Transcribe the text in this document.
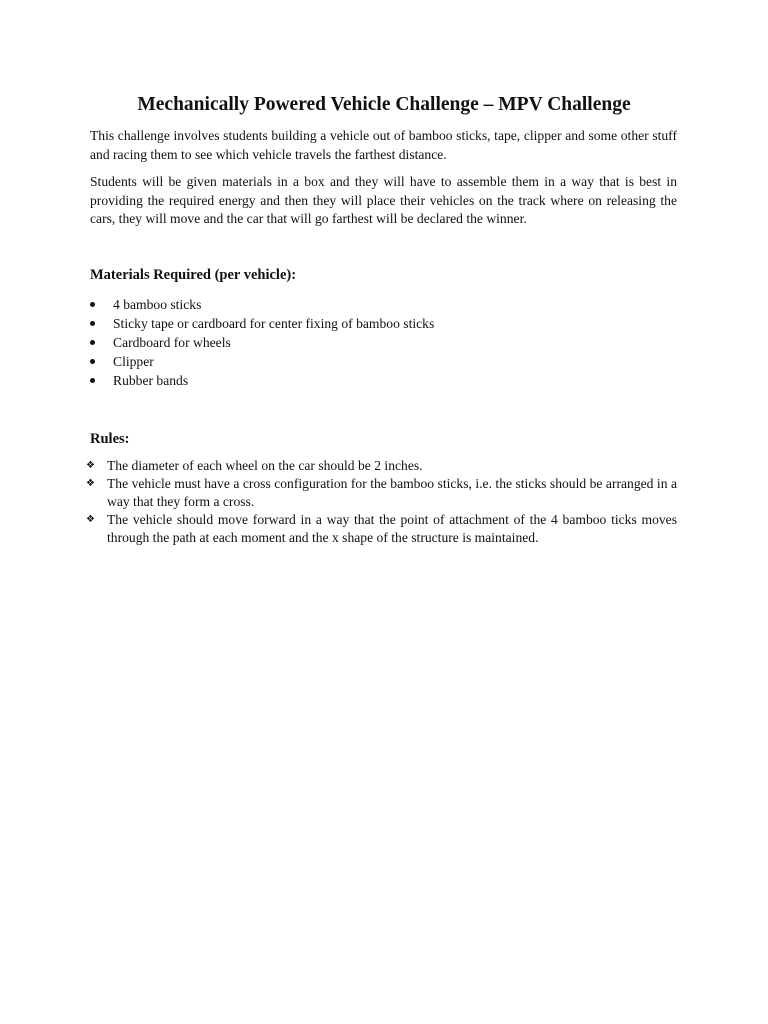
Mechanically Powered Vehicle Challenge – MPV Challenge

This challenge involves students building a vehicle out of bamboo sticks, tape, clipper and some other stuff and racing them to see which vehicle travels the farthest distance.

Students will be given materials in a box and they will have to assemble them in a way that is best in providing the required energy and then they will place their vehicles on the track where on releasing the cars, they will move and the car that will go farthest will be declared the winner.

Materials Required (per vehicle):
4 bamboo sticks
Sticky tape or cardboard for center fixing of bamboo sticks
Cardboard for wheels
Clipper
Rubber bands
Rules:
❖ The diameter of each wheel on the car should be 2 inches.
❖ The vehicle must have a cross configuration for the bamboo sticks, i.e. the sticks should be arranged in a way that they form a cross.
❖ The vehicle should move forward in a way that the point of attachment of the 4 bamboo ticks moves through the path at each moment and the x shape of the structure is maintained.
